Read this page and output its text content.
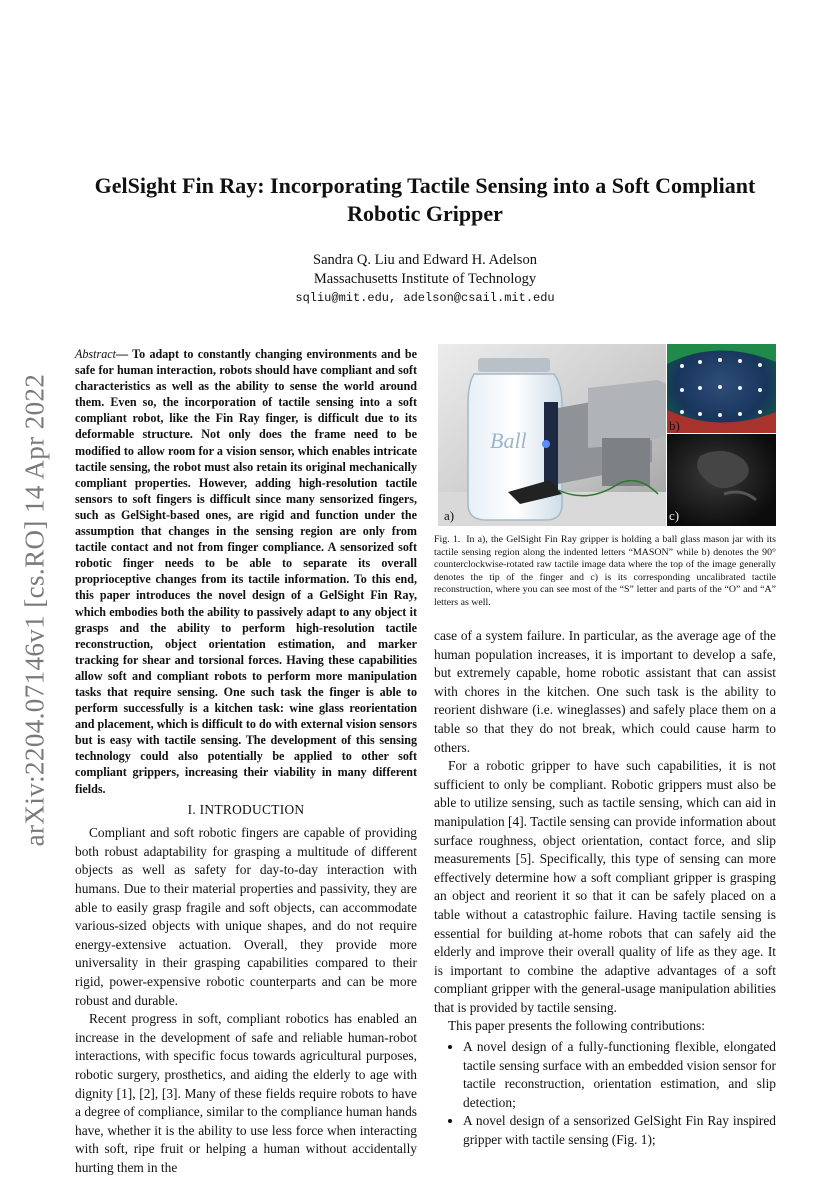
arXiv:2204.07146v1 [cs.RO] 14 Apr 2022
GelSight Fin Ray: Incorporating Tactile Sensing into a Soft Compliant Robotic Gripper
Sandra Q. Liu and Edward H. Adelson
Massachusetts Institute of Technology
sqliu@mit.edu, adelson@csail.mit.edu

Abstract— To adapt to constantly changing environments and be safe for human interaction, robots should have compliant and soft characteristics as well as the ability to sense the world around them. Even so, the incorporation of tactile sensing into a soft compliant robot, like the Fin Ray finger, is difficult due to its deformable structure. Not only does the frame need to be modified to allow room for a vision sensor, which enables intricate tactile sensing, the robot must also retain its original mechanically compliant properties. However, adding high-resolution tactile sensors to soft fingers is difficult since many sensorized fingers, such as GelSight-based ones, are rigid and function under the assumption that changes in the sensing region are only from tactile contact and not from finger compliance. A sensorized soft robotic finger needs to be able to separate its overall proprioceptive changes from its tactile information. To this end, this paper introduces the novel design of a GelSight Fin Ray, which embodies both the ability to passively adapt to any object it grasps and the ability to perform high-resolution tactile reconstruction, object orientation estimation, and marker tracking for shear and torsional forces. Having these capabilities allow soft and compliant robots to perform more manipulation tasks that require sensing. One such task the finger is able to perform successfully is a kitchen task: wine glass reorientation and placement, which is difficult to do with external vision sensors but is easy with tactile sensing. The development of this sensing technology could also potentially be applied to other soft compliant grippers, increasing their viability in many different fields.

I. INTRODUCTION

Compliant and soft robotic fingers are capable of providing both robust adaptability for grasping a multitude of different objects as well as safety for day-to-day interaction with humans. Due to their material properties and passivity, they are able to easily grasp fragile and soft objects, can accommodate various-sized objects with unique shapes, and do not require energy-extensive actuation. Overall, they provide more universality in their grasping capabilities compared to their rigid, power-expensive robotic counterparts and can be more robust and durable.

Recent progress in soft, compliant robotics has enabled an increase in the development of safe and reliable human-robot interactions, with specific focus towards agricultural purposes, robotic surgery, prosthetics, and aiding the elderly to age with dignity [1], [2], [3]. Many of these fields require robots to have a degree of compliance, similar to the compliance human hands have, whether it is the ability to use less force when interacting with soft, ripe fruit or helping a human without accidentally hurting them in the

Ball
a)
b)
c)
Fig. 1. In a), the GelSight Fin Ray gripper is holding a ball glass mason jar with its tactile sensing region along the indented letters “MASON” while b) denotes the 90° counterclockwise-rotated raw tactile image data where the top of the image generally denotes the tip of the finger and c) is its corresponding uncalibrated tactile reconstruction, where you can see most of the “S” letter and parts of the “O” and “A” letters as well.

case of a system failure. In particular, as the average age of the human population increases, it is important to develop a safe, but extremely capable, home robotic assistant that can assist with chores in the kitchen. One such task is the ability to reorient dishware (i.e. wineglasses) and safely place them on a table so that they do not break, which could cause harm to others.

For a robotic gripper to have such capabilities, it is not sufficient to only be compliant. Robotic grippers must also be able to utilize sensing, such as tactile sensing, which can aid in manipulation [4]. Tactile sensing can provide information about surface roughness, object orientation, contact force, and slip measurements [5]. Specifically, this type of sensing can more effectively determine how a soft compliant gripper is grasping an object and reorient it so that it can be safely placed on a table without a catastrophic failure. Having tactile sensing is essential for building at-home robots that can safely aid the elderly and improve their overall quality of life as they age. It is important to combine the adaptive advantages of a soft compliant gripper with the general-usage manipulation abilities that is provided by tactile sensing.

This paper presents the following contributions:

• A novel design of a fully-functioning flexible, elongated tactile sensing surface with an embedded vision sensor for tactile reconstruction, orientation estimation, and slip detection;
• A novel design of a sensorized GelSight Fin Ray inspired gripper with tactile sensing (Fig. 1);
